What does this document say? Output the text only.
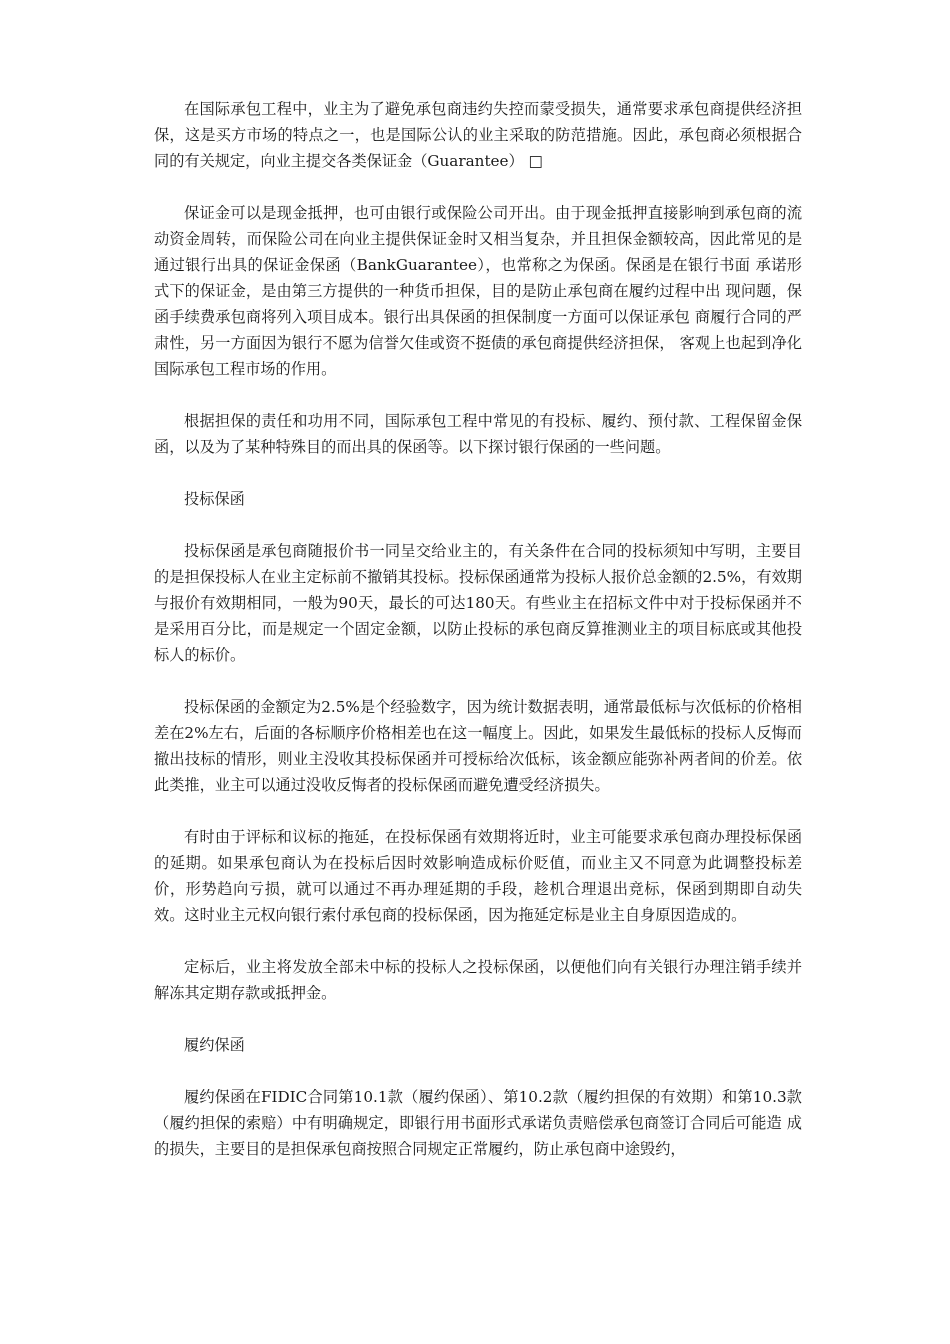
在国际承包工程中，业主为了避免承包商违约失控而蒙受损失，通常要求承包商提供经济担保，这是买方市场的特点之一，也是国际公认的业主采取的防范措施。因此，承包商必须根据合同的有关规定，向业主提交各类保证金（Guarantee） □

保证金可以是现金抵押，也可由银行或保险公司开出。由于现金抵押直接影响到承包商的流动资金周转，而保险公司在向业主提供保证金时又相当复杂，并且担保金额较高，因此常见的是通过银行出具的保证金保函（BankGuarantee），也常称之为保函。保函是在银行书面 承诺形式下的保证金，是由第三方提供的一种货币担保，目的是防止承包商在履约过程中出 现问题，保函手续费承包商将列入项目成本。银行出具保函的担保制度一方面可以保证承包 商履行合同的严肃性，另一方面因为银行不愿为信誉欠佳或资不挺债的承包商提供经济担保， 客观上也起到净化国际承包工程市场的作用。

根据担保的责任和功用不同，国际承包工程中常见的有投标、履约、预付款、工程保留金保函，以及为了某种特殊目的而出具的保函等。以下探讨银行保函的一些问题。

投标保函

投标保函是承包商随报价书一同呈交给业主的，有关条件在合同的投标须知中写明，主要目的是担保投标人在业主定标前不撤销其投标。投标保函通常为投标人报价总金额的2.5%，有效期与报价有效期相同，一般为90天，最长的可达180天。有些业主在招标文件中对于投标保函并不是采用百分比，而是规定一个固定金额，以防止投标的承包商反算推测业主的项目标底或其他投标人的标价。

投标保函的金额定为2.5%是个经验数字，因为统计数据表明，通常最低标与次低标的价格相差在2%左右，后面的各标顺序价格相差也在这一幅度上。因此，如果发生最低标的投标人反悔而撤出技标的情形，则业主没收其投标保函并可授标给次低标，该金额应能弥补两者间的价差。依此类推，业主可以通过没收反悔者的投标保函而避免遭受经济损失。

有时由于评标和议标的拖延，在投标保函有效期将近时，业主可能要求承包商办理投标保函的延期。如果承包商认为在投标后因时效影响造成标价贬值，而业主又不同意为此调整投标差价，形势趋向亏损，就可以通过不再办理延期的手段，趁机合理退出竞标，保函到期即自动失效。这时业主元权向银行索付承包商的投标保函，因为拖延定标是业主自身原因造成的。

定标后，业主将发放全部未中标的投标人之投标保函，以便他们向有关银行办理注销手续并解冻其定期存款或抵押金。

履约保函

履约保函在FIDIC合同第10.1款（履约保函）、第10.2款（履约担保的有效期）和第10.3款 （履约担保的索赔）中有明确规定，即银行用书面形式承诺负责赔偿承包商签订合同后可能造 成的损失，主要目的是担保承包商按照合同规定正常履约，防止承包商中途毁约，
